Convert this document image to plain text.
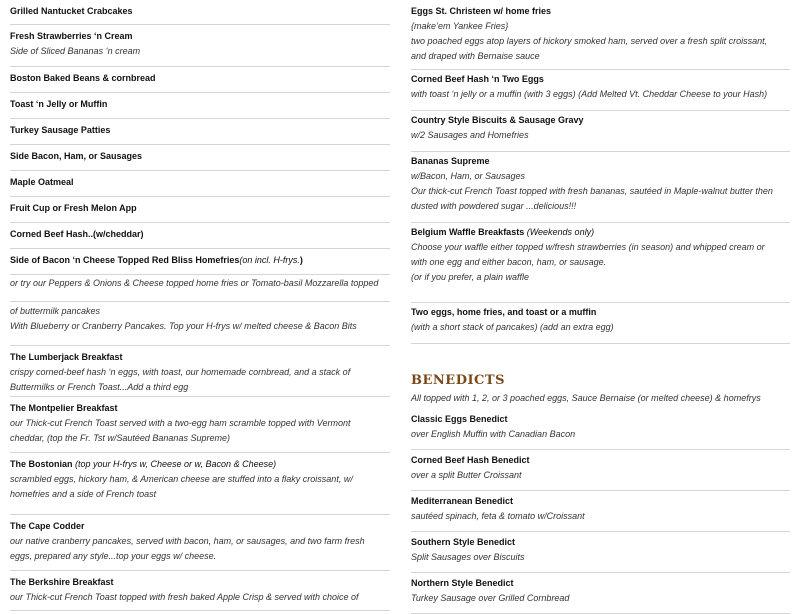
Grilled Nantucket Crabcakes
Fresh Strawberries ‘n Cream
Side of Sliced Bananas ‘n cream
Boston Baked Beans & cornbread
Toast ‘n Jelly or Muffin
Turkey Sausage Patties
Side Bacon, Ham, or Sausages
Maple Oatmeal
Fruit Cup or Fresh Melon App
Corned Beef Hash..(w/cheddar)
Side of Bacon ‘n Cheese Topped Red Bliss Homefries(on incl. H-frys.)
or try our Peppers & Onions & Cheese topped home fries or Tomato-basil Mozzarella topped
of buttermilk pancakes
With Blueberry or Cranberry Pancakes. Top your H-frys w/ melted cheese & Bacon Bits
The Lumberjack Breakfast
crispy corned-beef hash ‘n eggs, with toast, our homemade cornbread, and a stack of
Buttermilks or French Toast...Add a third egg
The Montpelier Breakfast
our Thick-cut French Toast served with a two-egg ham scramble topped with Vermont
cheddar, (top the Fr. Tst w/Sautéed Bananas Supreme)
The Bostonian (top your H-frys w, Cheese or w, Bacon & Cheese)
scrambled eggs, hickory ham, & American cheese are stuffed into a flaky croissant, w/
homefries and a side of French toast
The Cape Codder
our native cranberry pancakes, served with bacon, ham, or sausages, and two farm fresh
eggs, prepared any style...top your eggs w/ cheese.
The Berkshire Breakfast
our Thick-cut French Toast topped with fresh baked Apple Crisp & served with choice of
Eggs St. Christeen w/ home fries
{make’em Yankee Fries}
two poached eggs atop layers of hickory smoked ham, served over a fresh split croissant,
and draped with Bernaise sauce
Corned Beef Hash ‘n Two Eggs
with toast ‘n jelly or a muffin (with 3 eggs) (Add Melted Vt. Cheddar Cheese to your Hash)
Country Style Biscuits & Sausage Gravy
w/2 Sausages and Homefries
Bananas Supreme
w/Bacon, Ham, or Sausages
Our thick-cut French Toast topped with fresh bananas, sautéed in Maple-walnut butter then
dusted with powdered sugar ...delicious!!!
Belgium Waffle Breakfasts (Weekends only)
Choose your waffle either topped w/fresh strawberries (in season) and whipped cream or
with one egg and either bacon, ham, or sausage.
(or if you prefer, a plain waffle
Two eggs, home fries, and toast or a muffin
(with a short stack of pancakes) (add an extra egg)
BENEDICTS
All topped with 1, 2, or 3 poached eggs, Sauce Bernaise (or melted cheese) & homefrys
Classic Eggs Benedict
over English Muffin with Canadian Bacon
Corned Beef Hash Benedict
over a split Butter Croissant
Mediterranean Benedict
sautéed spinach, feta & tomato w/Croissant
Southern Style Benedict
Split Sausages over Biscuits
Northern Style Benedict
Turkey Sausage over Grilled Cornbread
